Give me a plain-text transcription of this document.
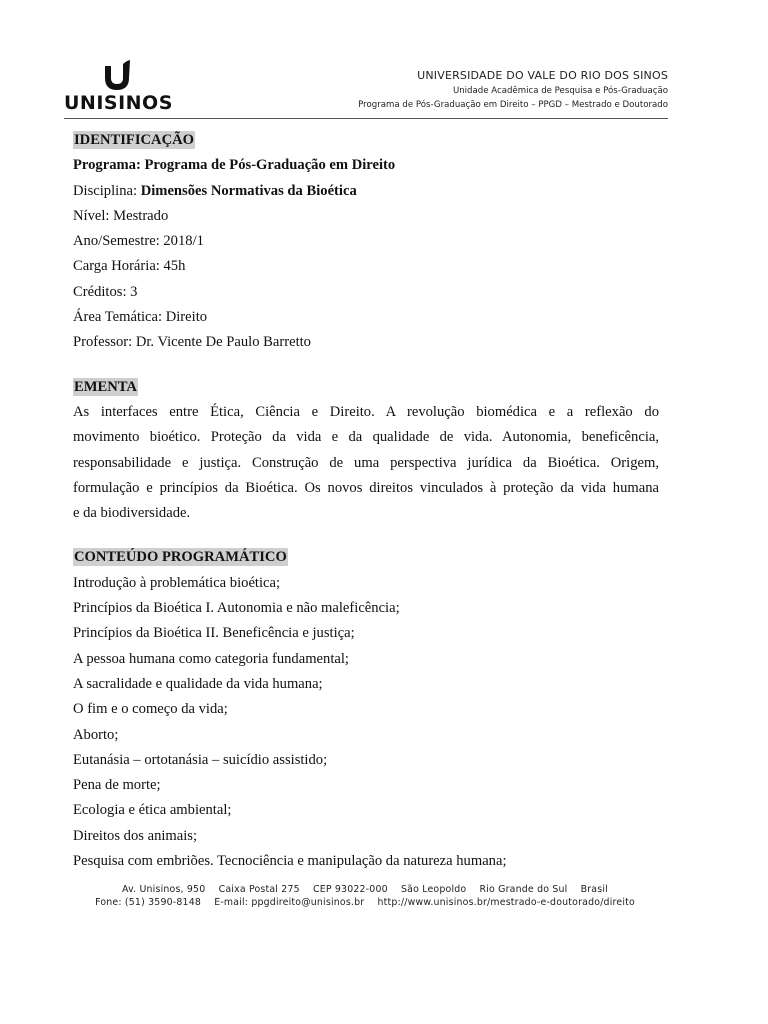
UNISINOS
UNIVERSIDADE DO VALE DO RIO DOS SINOS
Unidade Acadêmica de Pesquisa e Pós-Graduação
Programa de Pós-Graduação em Direito – PPGD – Mestrado e Doutorado
IDENTIFICAÇÃO
Programa: Programa de Pós-Graduação em Direito
Disciplina: Dimensões Normativas da Bioética
Nível: Mestrado
Ano/Semestre: 2018/1
Carga Horária: 45h
Créditos: 3
Área Temática: Direito
Professor: Dr. Vicente De Paulo Barretto
EMENTA
As interfaces entre Ética, Ciência e Direito. A revolução biomédica e a reflexão do
movimento bioético. Proteção da vida e da qualidade de vida. Autonomia, beneficência,
responsabilidade e justiça. Construção de uma perspectiva jurídica da Bioética. Origem,
formulação e princípios da Bioética. Os novos direitos vinculados à proteção da vida humana
e da biodiversidade.
CONTEÚDO PROGRAMÁTICO
Introdução à problemática bioética;
Princípios da Bioética I. Autonomia e não maleficência;
Princípios da Bioética II. Beneficência e justiça;
A pessoa humana como categoria fundamental;
A sacralidade e qualidade da vida humana;
O fim e o começo da vida;
Aborto;
Eutanásia – ortotanásia – suicídio assistido;
Pena de morte;
Ecologia e ética ambiental;
Direitos dos animais;
Pesquisa com embriões. Tecnociência e manipulação da natureza humana;
Av. Unisinos, 950 Caixa Postal 275 CEP 93022-000 São Leopoldo Rio Grande do Sul Brasil
Fone: (51) 3590-8148 E-mail: ppgdireito@unisinos.br http://www.unisinos.br/mestrado-e-doutorado/direito
